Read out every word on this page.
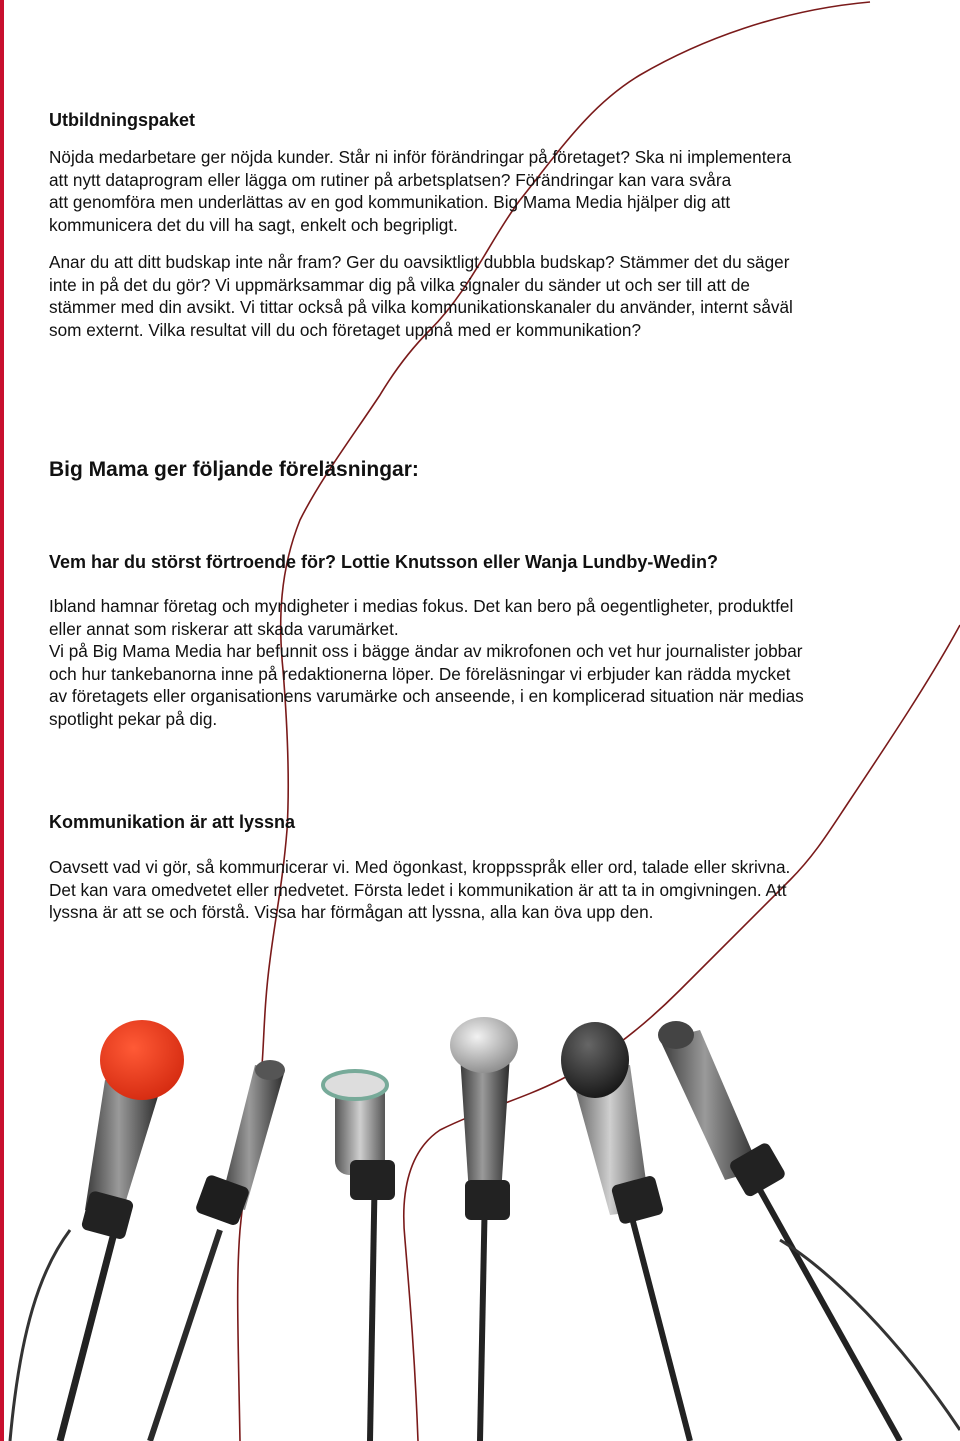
Utbildningspaket

Nöjda medarbetare ger nöjda kunder. Står ni inför förändringar på företaget? Ska ni implementera
att nytt dataprogram eller lägga om rutiner på arbetsplatsen? Förändringar kan vara svåra
att genomföra men underlättas av en god kommunikation. Big Mama Media hjälper dig att
kommunicera det du vill ha sagt, enkelt och begripligt.

Anar du att ditt budskap inte når fram? Ger du oavsiktligt dubbla budskap? Stämmer det du säger
inte in på det du gör? Vi uppmärksammar dig på vilka signaler du sänder ut och ser till att de
stämmer med din avsikt. Vi tittar också på vilka kommunikationskanaler du använder, internt såväl
som externt. Vilka resultat vill du och företaget uppnå med er kommunikation?

Big Mama ger följande föreläsningar:
Vem har du störst förtroende för? Lottie Knutsson eller Wanja Lundby-Wedin?

Ibland hamnar företag och myndigheter i medias fokus. Det kan bero på oegentligheter, produktfel
eller annat som riskerar att skada varumärket.
Vi på Big Mama Media har befunnit oss i bägge ändar av mikrofonen och vet hur journalister jobbar
och hur tankebanorna inne på redaktionerna löper. De föreläsningar vi erbjuder kan rädda mycket
av företagets eller organisationens varumärke och anseende, i en komplicerad situation när medias
spotlight pekar på dig.

Kommunikation är att lyssna

Oavsett vad vi gör, så kommunicerar vi. Med ögonkast, kroppsspråk eller ord, talade eller skrivna.
Det kan vara omedvetet eller medvetet. Första ledet i kommunikation är att ta in omgivningen. Att
lyssna är att se och förstå. Vissa har förmågan att lyssna, alla kan öva upp den.
